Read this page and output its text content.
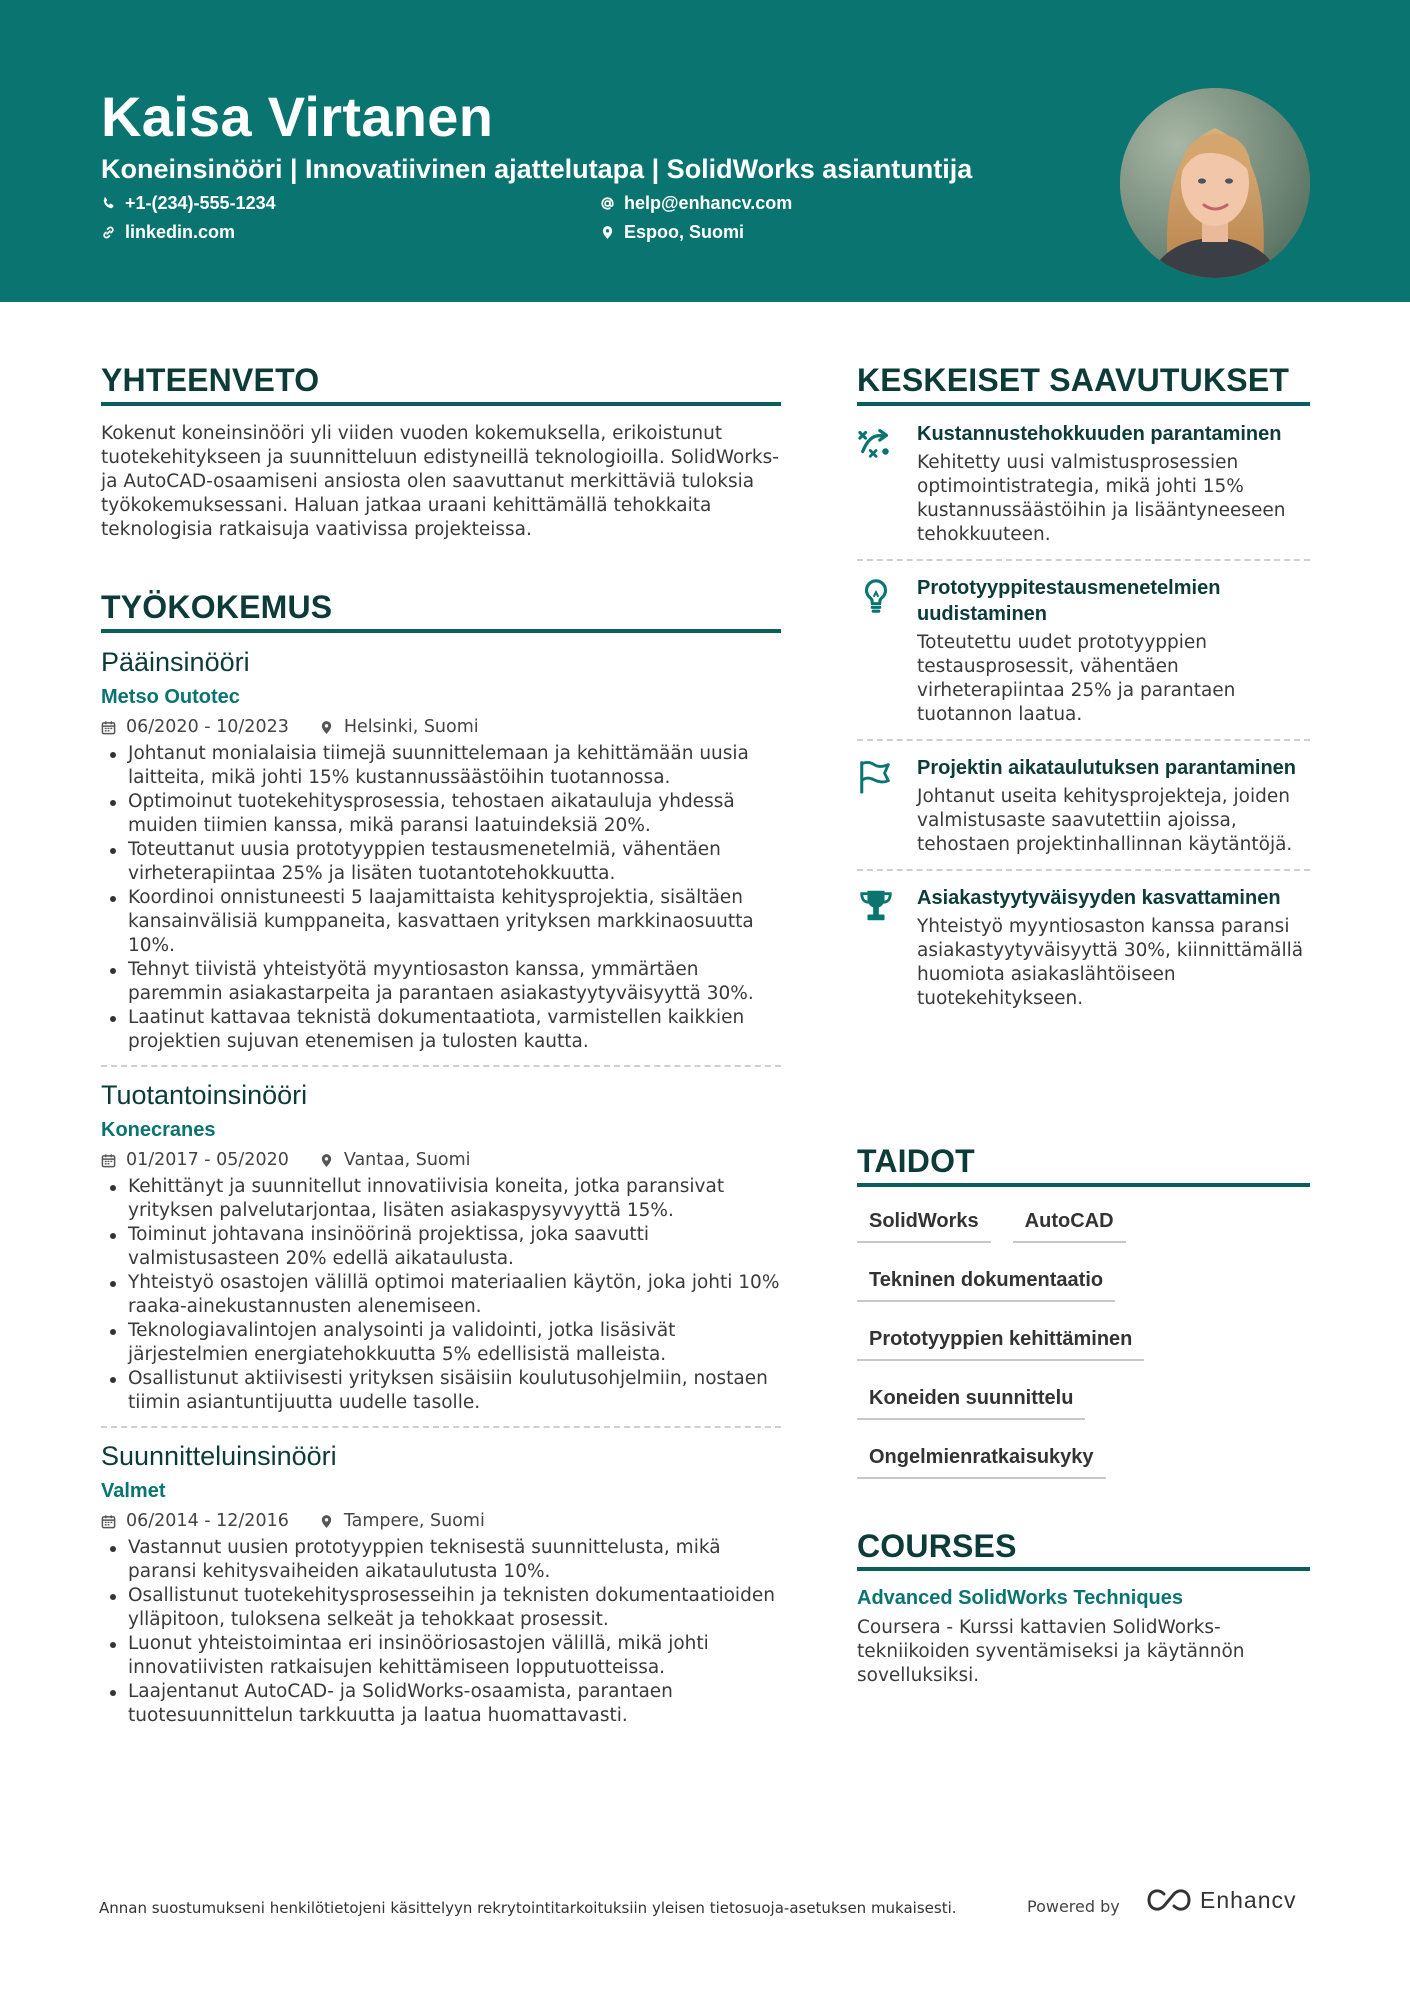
Kaisa Virtanen
Koneinsinööri | Innovatiivinen ajattelutapa | SolidWorks asiantuntija
+1-(234)-555-1234	help@enhancv.com
linkedin.com	Espoo, Suomi
YHTEENVETO
Kokenut koneinsinööri yli viiden vuoden kokemuksella, erikoistunut tuotekehitykseen ja suunnitteluun edistyneillä teknologioilla. SolidWorks- ja AutoCAD-osaamiseni ansiosta olen saavuttanut merkittäviä tuloksia työkokemuksessani. Haluan jatkaa uraani kehittämällä tehokkaita teknologisia ratkaisuja vaativissa projekteissa.
TYÖKOKEMUS
Pääinsinööri
Metso Outotec
06/2020 - 10/2023	Helsinki, Suomi
Johtanut monialaisia tiimejä suunnittelemaan ja kehittämään uusia laitteita, mikä johti 15% kustannussäästöihin tuotannossa.
Optimoinut tuotekehitysprosessia, tehostaen aikatauluja yhdessä muiden tiimien kanssa, mikä paransi laatuindeksiä 20%.
Toteuttanut uusia prototyyppien testausmenetelmiä, vähentäen virheterapiintaa 25% ja lisäten tuotantotehokkuutta.
Koordinoi onnistuneesti 5 laajamittaista kehitysprojektia, sisältäen kansainvälisiä kumppaneita, kasvattaen yrityksen markkinaosuutta 10%.
Tehnyt tiivistä yhteistyötä myyntiosaston kanssa, ymmärtäen paremmin asiakastarpeita ja parantaen asiakastyytyväisyyttä 30%.
Laatinut kattavaa teknistä dokumentaatiota, varmistellen kaikkien projektien sujuvan etenemisen ja tulosten kautta.
Tuotantoinsinööri
Konecranes
01/2017 - 05/2020	Vantaa, Suomi
Kehittänyt ja suunnitellut innovatiivisia koneita, jotka paransivat yrityksen palvelutarjontaa, lisäten asiakaspysyvyyttä 15%.
Toiminut johtavana insinöörinä projektissa, joka saavutti valmistusasteen 20% edellä aikataulusta.
Yhteistyö osastojen välillä optimoi materiaalien käytön, joka johti 10% raaka-ainekustannusten alenemiseen.
Teknologiavalintojen analysointi ja validointi, jotka lisäsivät järjestelmien energiatehokkuutta 5% edellisistä malleista.
Osallistunut aktiivisesti yrityksen sisäisiin koulutusohjelmiin, nostaen tiimin asiantuntijuutta uudelle tasolle.
Suunnitteluinsinööri
Valmet
06/2014 - 12/2016	Tampere, Suomi
Vastannut uusien prototyyppien teknisestä suunnittelusta, mikä paransi kehitysvaiheiden aikataulutusta 10%.
Osallistunut tuotekehitysprosesseihin ja teknisten dokumentaatioiden ylläpitoon, tuloksena selkeät ja tehokkaat prosessit.
Luonut yhteistoimintaa eri insinööriosastojen välillä, mikä johti innovatiivisten ratkaisujen kehittämiseen lopputuotteissa.
Laajentanut AutoCAD- ja SolidWorks-osaamista, parantaen tuotesuunnittelun tarkkuutta ja laatua huomattavasti.
KESKEISET SAAVUTUKSET
Kustannustehokkuuden parantaminen
Kehitetty uusi valmistusprosessien optimointistrategia, mikä johti 15% kustannussäästöihin ja lisääntyneeseen tehokkuuteen.
Prototyyppitestausmenetelmien uudistaminen
Toteutettu uudet prototyyppien testausprosessit, vähentäen virheterapiintaa 25% ja parantaen tuotannon laatua.
Projektin aikataulutuksen parantaminen
Johtanut useita kehitysprojekteja, joiden valmistusaste saavutettiin ajoissa, tehostaen projektinhallinnan käytäntöjä.
Asiakastyytyväisyyden kasvattaminen
Yhteistyö myyntiosaston kanssa paransi asiakastyytyväisyyttä 30%, kiinnittämällä huomiota asiakaslähtöiseen tuotekehitykseen.
TAIDOT
SolidWorks	AutoCAD
Tekninen dokumentaatio
Prototyyppien kehittäminen
Koneiden suunnittelu
Ongelmienratkaisukyky
COURSES
Advanced SolidWorks Techniques
Coursera - Kurssi kattavien SolidWorks-tekniikoiden syventämiseksi ja käytännön sovelluksiksi.
Annan suostumukseni henkilötietojeni käsittelyyn rekrytointitarkoituksiin yleisen tietosuoja-asetuksen mukaisesti.	Powered by	Enhancv
